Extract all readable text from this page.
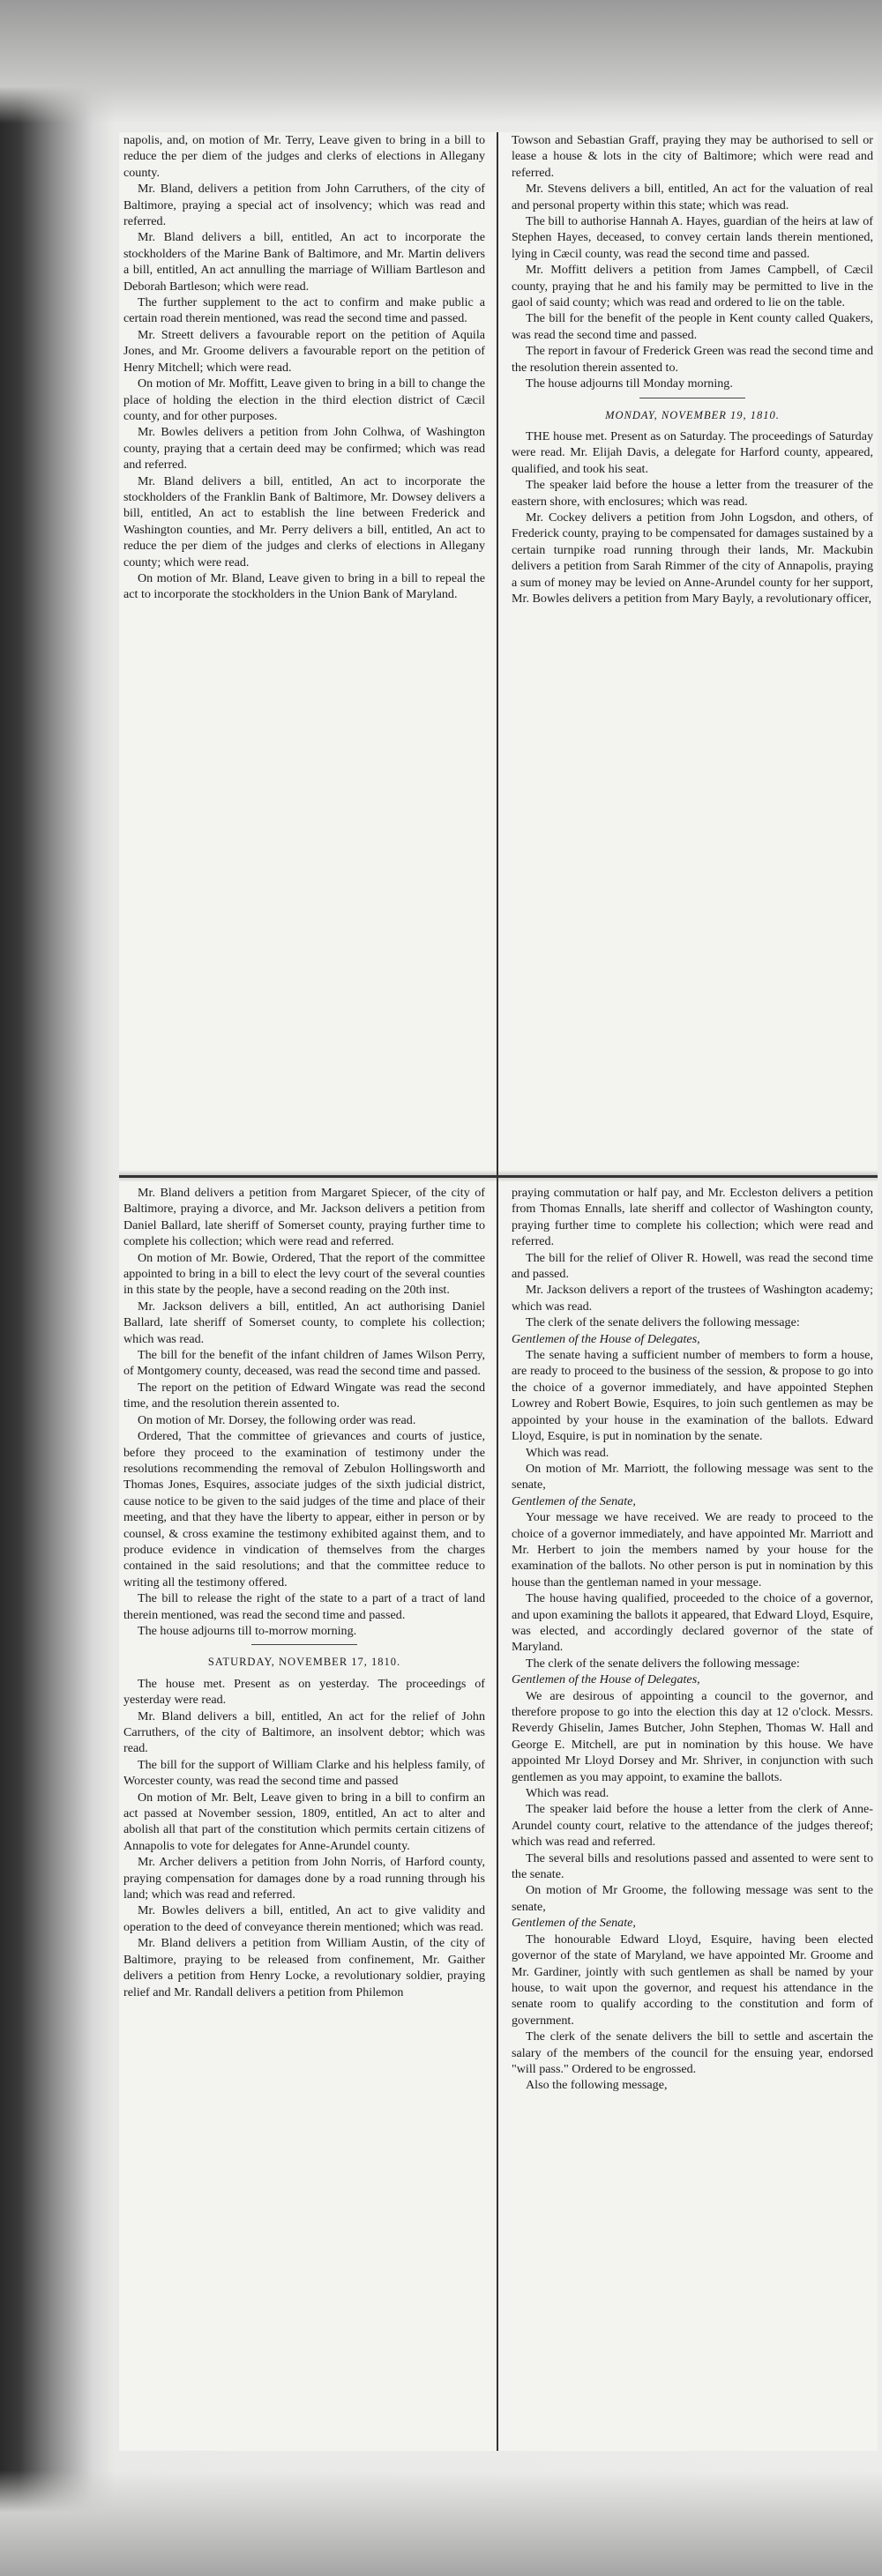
napolis, and, on motion of Mr. Terry, Leave given to bring in a bill to reduce the per diem of the judges and clerks of elections in Allegany county.

Mr. Bland, delivers a petition from John Carruthers, of the city of Baltimore, praying a special act of insolvency; which was read and referred.

Mr. Bland delivers a bill, entitled, An act to incorporate the stockholders of the Marine Bank of Baltimore, and Mr. Martin delivers a bill, entitled, An act annulling the marriage of William Bartleson and Deborah Bartleson; which were read.

The further supplement to the act to confirm and make public a certain road therein mentioned, was read the second time and passed.

Mr. Streett delivers a favourable report on the petition of Aquila Jones, and Mr. Groome delivers a favourable report on the petition of Henry Mitchell; which were read.

On motion of Mr. Moffitt, Leave given to bring in a bill to change the place of holding the election in the third election district of Cæcil county, and for other purposes.

Mr. Bowles delivers a petition from John Colhwa, of Washington county, praying that a certain deed may be confirmed; which was read and referred.

Mr. Bland delivers a bill, entitled, An act to incorporate the stockholders of the Franklin Bank of Baltimore, Mr. Dowsey delivers a bill, entitled, An act to establish the line between Frederick and Washington counties, and Mr. Perry delivers a bill, entitled, An act to reduce the per diem of the judges and clerks of elections in Allegany county; which were read.

On motion of Mr. Bland, Leave given to bring in a bill to repeal the act to incorporate the stockholders in the Union Bank of Maryland.

Mr. Bland delivers a petition from Margaret Spiecer, of the city of Baltimore, praying a divorce, and Mr. Jackson delivers a petition from Daniel Ballard, late sheriff of Somerset county, praying further time to complete his collection; which were read and referred.

On motion of Mr. Bowie, Ordered, That the report of the committee appointed to bring in a bill to elect the levy court of the several counties in this state by the people, have a second reading on the 20th inst.

Mr. Jackson delivers a bill, entitled, An act authorising Daniel Ballard, late sheriff of Somerset county, to complete his collection; which was read.

The bill for the benefit of the infant children of James Wilson Perry, of Montgomery county, deceased, was read the second time and passed.

The report on the petition of Edward Wingate was read the second time, and the resolution therein assented to.

On motion of Mr. Dorsey, the following order was read.

Ordered, That the committee of grievances and courts of justice, before they proceed to the examination of testimony under the resolutions recommending the removal of Zebulon Hollingsworth and Thomas Jones, Esquires, associate judges of the sixth judicial district, cause notice to be given to the said judges of the time and place of their meeting, and that they have the liberty to appear, either in person or by counsel, & cross examine the testimony exhibited against them, and to produce evidence in vindication of themselves from the charges contained in the said resolutions; and that the committee reduce to writing all the testimony offered.

The bill to release the right of the state to a part of a tract of land therein mentioned, was read the second time and passed.

The house adjourns till to-morrow morning.

SATURDAY, NOVEMBER 17, 1810.

The house met. Present as on yesterday. The proceedings of yesterday were read.

Mr. Bland delivers a bill, entitled, An act for the relief of John Carruthers, of the city of Baltimore, an insolvent debtor; which was read.

The bill for the support of William Clarke and his helpless family, of Worcester county, was read the second time and passed

On motion of Mr. Belt, Leave given to bring in a bill to confirm an act passed at November session, 1809, entitled, An act to alter and abolish all that part of the constitution which permits certain citizens of Annapolis to vote for delegates for Anne-Arundel county.

Mr. Archer delivers a petition from John Norris, of Harford county, praying compensation for damages done by a road running through his land; which was read and referred.

Mr. Bowles delivers a bill, entitled, An act to give validity and operation to the deed of conveyance therein mentioned; which was read.

Mr. Bland delivers a petition from William Austin, of the city of Baltimore, praying to be released from confinement, Mr. Gaither delivers a petition from Henry Locke, a revolutionary soldier, praying relief and Mr. Randall delivers a petition from Philemon

Towson and Sebastian Graff, praying they may be authorised to sell or lease a house & lots in the city of Baltimore; which were read and referred.

Mr. Stevens delivers a bill, entitled, An act for the valuation of real and personal property within this state; which was read.

The bill to authorise Hannah A. Hayes, guardian of the heirs at law of Stephen Hayes, deceased, to convey certain lands therein mentioned, lying in Cæcil county, was read the second time and passed.

Mr. Moffitt delivers a petition from James Campbell, of Cæcil county, praying that he and his family may be permitted to live in the gaol of said county; which was read and ordered to lie on the table.

The bill for the benefit of the people in Kent county called Quakers, was read the second time and passed.

The report in favour of Frederick Green was read the second time and the resolution therein assented to.

The house adjourns till Monday morning.

MONDAY, NOVEMBER 19, 1810.

THE house met. Present as on Saturday. The proceedings of Saturday were read. Mr. Elijah Davis, a delegate for Harford county, appeared, qualified, and took his seat.

The speaker laid before the house a letter from the treasurer of the eastern shore, with enclosures; which was read.

Mr. Cockey delivers a petition from John Logsdon, and others, of Frederick county, praying to be compensated for damages sustained by a certain turnpike road running through their lands, Mr. Mackubin delivers a petition from Sarah Rimmer of the city of Annapolis, praying a sum of money may be levied on Anne-Arundel county for her support, Mr. Bowles delivers a petition from Mary Bayly, a revolutionary officer,

praying commutation or half pay, and Mr. Eccleston delivers a petition from Thomas Ennalls, late sheriff and collector of Washington county, praying further time to complete his collection; which were read and referred.

The bill for the relief of Oliver R. Howell, was read the second time and passed.

Mr. Jackson delivers a report of the trustees of Washington academy; which was read.

The clerk of the senate delivers the following message:

Gentlemen of the House of Delegates,

The senate having a sufficient number of members to form a house, are ready to proceed to the business of the session, & propose to go into the choice of a governor immediately, and have appointed Stephen Lowrey and Robert Bowie, Esquires, to join such gentlemen as may be appointed by your house in the examination of the ballots. Edward Lloyd, Esquire, is put in nomination by the senate.

Which was read.

On motion of Mr. Marriott, the following message was sent to the senate,

Gentlemen of the Senate,

Your message we have received. We are ready to proceed to the choice of a governor immediately, and have appointed Mr. Marriott and Mr. Herbert to join the members named by your house for the examination of the ballots. No other person is put in nomination by this house than the gentleman named in your message.

The house having qualified, proceeded to the choice of a governor, and upon examining the ballots it appeared, that Edward Lloyd, Esquire, was elected, and accordingly declared governor of the state of Maryland.

The clerk of the senate delivers the following message:

Gentlemen of the House of Delegates,

We are desirous of appointing a council to the governor, and therefore propose to go into the election this day at 12 o'clock. Messrs. Reverdy Ghiselin, James Butcher, John Stephen, Thomas W. Hall and George E. Mitchell, are put in nomination by this house. We have appointed Mr Lloyd Dorsey and Mr. Shriver, in conjunction with such gentlemen as you may appoint, to examine the ballots.

Which was read.

The speaker laid before the house a letter from the clerk of Anne-Arundel county court, relative to the attendance of the judges thereof; which was read and referred.

The several bills and resolutions passed and assented to were sent to the senate.

On motion of Mr Groome, the following message was sent to the senate,

Gentlemen of the Senate,

The honourable Edward Lloyd, Esquire, having been elected governor of the state of Maryland, we have appointed Mr. Groome and Mr. Gardiner, jointly with such gentlemen as shall be named by your house, to wait upon the governor, and request his attendance in the senate room to qualify according to the constitution and form of government.

The clerk of the senate delivers the bill to settle and ascertain the salary of the members of the council for the ensuing year, endorsed "will pass." Ordered to be engrossed.

Also the following message,
